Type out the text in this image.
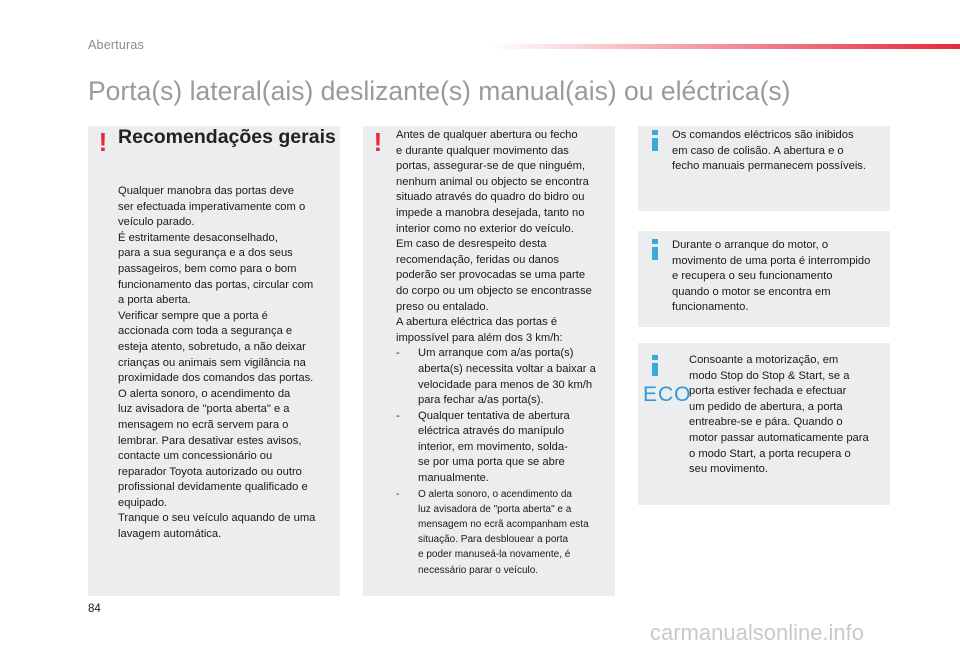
Aberturas
Porta(s) lateral(ais) deslizante(s) manual(ais) ou eléctrica(s)
! Recomendações gerais

Qualquer manobra das portas deve

ser efectuada imperativamente com o

veículo parado.

É estritamente desaconselhado,

para a sua segurança e a dos seus

passageiros, bem como para o bom

funcionamento das portas, circular com

a porta aberta.

Verificar sempre que a porta é

accionada com toda a segurança e

esteja atento, sobretudo, a não deixar

crianças ou animais sem vigilância na

proximidade dos comandos das portas.

O alerta sonoro, o acendimento da

luz avisadora de "porta aberta" e a

mensagem no ecrã servem para o

lembrar. Para desativar estes avisos,

contacte um concessionário ou

reparador Toyota autorizado ou outro

profissional devidamente qualificado e

equipado.

Tranque o seu veículo aquando de uma

lavagem automática.

!	Antes de qualquer abertura ou fecho

e durante qualquer movimento das

portas, assegurar-se de que ninguém,

nenhum animal ou objecto se encontra

situado através do quadro do bidro ou

impede a manobra desejada, tanto no

interior como no exterior do veículo.

Em caso de desrespeito desta

recomendação, feridas ou danos

poderão ser provocadas se uma parte

do corpo ou um objecto se encontrasse

preso ou entalado.

A abertura eléctrica das portas é

impossível para além dos 3 km/h:

- Um arranque com a/as porta(s)

aberta(s) necessita voltar a baixar a

velocidade para menos de 30 km/h

para fechar a/as porta(s).

- Qualquer tentativa de abertura

eléctrica através do manípulo

interior, em movimento, solda-

se por uma porta que se abre

manualmente.

- O alerta sonoro, o acendimento da

luz avisadora de "porta aberta" e a

mensagem no ecrã acompanham esta

situação. Para desblouear a porta

e poder manuseá-la novamente, é

necessário parar o veículo.

Os comandos eléctricos são inibidos

em caso de colisão. A abertura e o

fecho manuais permanecem possíveis.

Durante o arranque do motor, o

movimento de uma porta é interrompido

e recupera o seu funcionamento

quando o motor se encontra em

funcionamento.

ECO

Consoante a motorização, em

modo Stop do Stop & Start, se a

porta estiver fechada e efectuar

um pedido de abertura, a porta

entreabre-se e pára. Quando o

motor passar automaticamente para

o modo Start, a porta recupera o

seu movimento.

84
carmanualsonline.info
